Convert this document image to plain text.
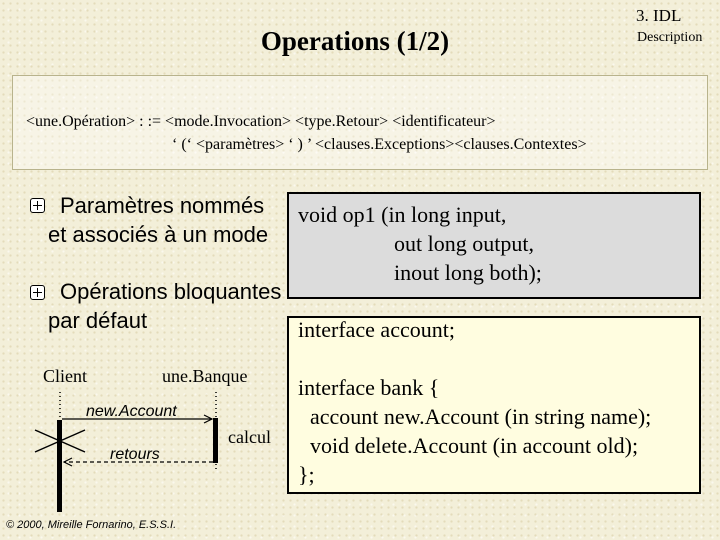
Operations (1/2)
3. IDL
Description
<une.Opération> : := <mode.Invocation> <type.Retour> <identificateur>
‘ (‘ <paramètres> ‘ ) ’ <clauses.Exceptions><clauses.Contextes>
Paramètres nommés
et associés à un mode
Opérations bloquantes
par défaut
void op1 (in long input,
out long output,
inout long both);
interface account;
interface bank {
account new.Account (in string name);
void delete.Account (in account old);
};
Client	une.Banque
calcul
new.Account
retours
© 2000, Mireille Fornarino, E.S.S.I.
